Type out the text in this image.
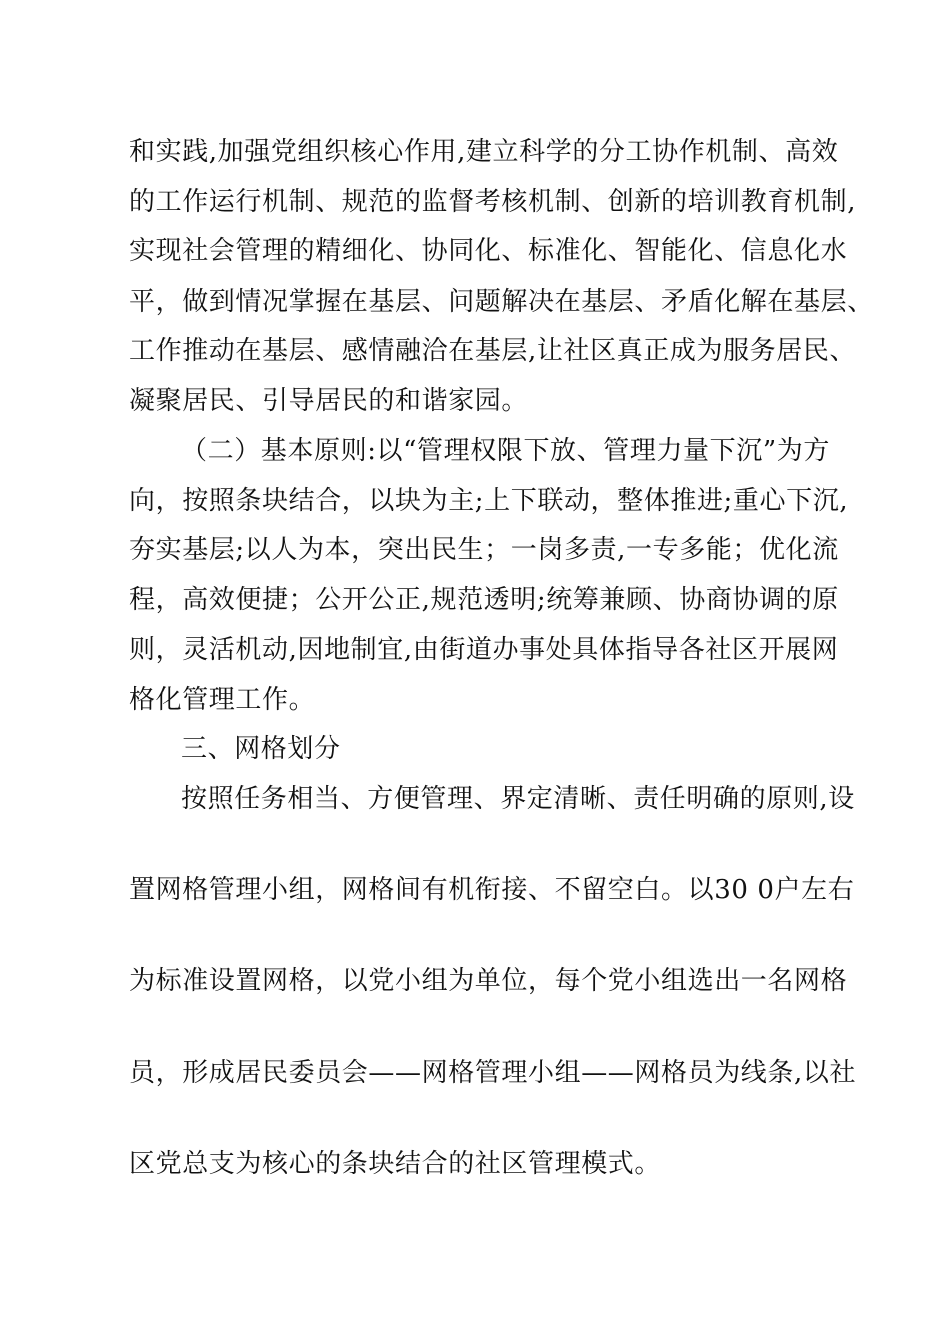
和实践,加强党组织核心作用,建立科学的分工协作机制、高效
的工作运行机制、规范的监督考核机制、创新的培训教育机制,
实现社会管理的精细化、协同化、标准化、智能化、信息化水
平，做到情况掌握在基层、问题解决在基层、矛盾化解在基层、
工作推动在基层、感情融洽在基层,让社区真正成为服务居民、
凝聚居民、引导居民的和谐家园。
（二）基本原则:以“管理权限下放、管理力量下沉”为方
向，按照条块结合，以块为主;上下联动，整体推进;重心下沉,
夯实基层;以人为本，突出民生；一岗多责,一专多能；优化流
程，高效便捷；公开公正,规范透明;统筹兼顾、协商协调的原
则，灵活机动,因地制宜,由街道办事处具体指导各社区开展网
格化管理工作。
三、网格划分
按照任务相当、方便管理、界定清晰、责任明确的原则,设
置网格管理小组，网格间有机衔接、不留空白。以30 0户左右
为标准设置网格，以党小组为单位，每个党小组选出一名网格
员，形成居民委员会——网格管理小组——网格员为线条,以社
区党总支为核心的条块结合的社区管理模式。
